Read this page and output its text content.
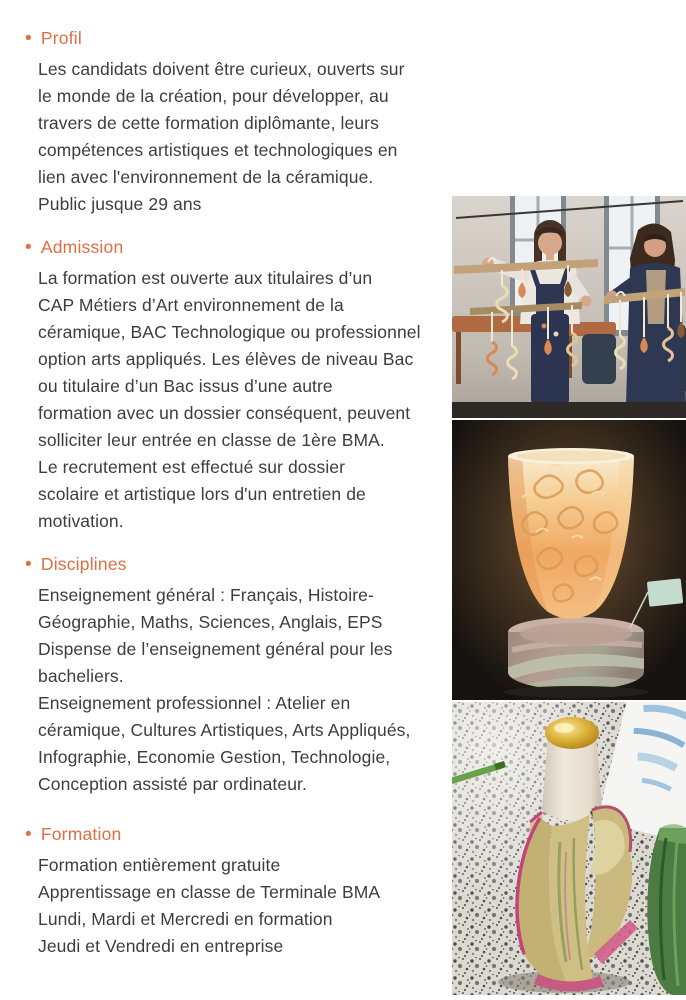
• Profil
Les candidats doivent être curieux, ouverts sur
le monde de la création, pour développer, au
travers de cette formation diplômante, leurs
compétences artistiques et technologiques en
lien avec l'environnement de la céramique.
Public jusque 29 ans
• Admission
La formation est ouverte aux titulaires d’un
CAP Métiers d’Art environnement de la
céramique, BAC Technologique ou professionnel
option arts appliqués. Les élèves de niveau Bac
ou titulaire d’un Bac issus d’une autre
formation avec un dossier conséquent, peuvent
solliciter leur entrée en classe de 1ère BMA.
Le recrutement est effectué sur dossier
scolaire et artistique lors d'un entretien de
motivation.
• Disciplines
Enseignement général : Français, Histoire-
Géographie, Maths, Sciences, Anglais, EPS
Dispense de l’enseignement général pour les
bacheliers.
Enseignement professionnel : Atelier en
céramique, Cultures Artistiques, Arts Appliqués,
Infographie, Economie Gestion, Technologie,
Conception assisté par ordinateur.
• Formation
Formation entièrement gratuite
Apprentissage en classe de Terminale BMA
Lundi, Mardi et Mercredi en formation
Jeudi et Vendredi en entreprise
